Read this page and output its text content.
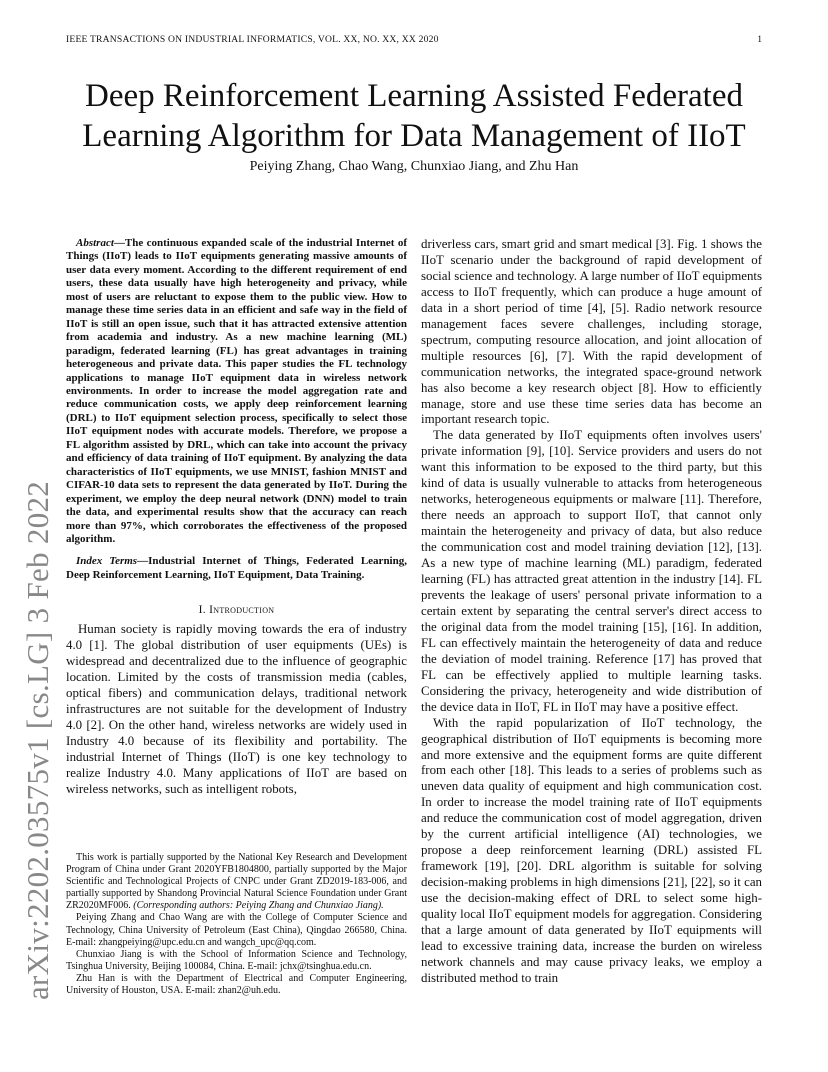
IEEE TRANSACTIONS ON INDUSTRIAL INFORMATICS, VOL. XX, NO. XX, XX 2020	1
Deep Reinforcement Learning Assisted Federated
Learning Algorithm for Data Management of IIoT
Peiying Zhang, Chao Wang, Chunxiao Jiang, and Zhu Han
arXiv:2202.03575v1 [cs.LG] 3 Feb 2022

Abstract—The continuous expanded scale of the industrial Internet of Things (IIoT) leads to IIoT equipments generating massive amounts of user data every moment. According to the different requirement of end users, these data usually have high heterogeneity and privacy, while most of users are reluctant to expose them to the public view. How to manage these time series data in an efficient and safe way in the field of IIoT is still an open issue, such that it has attracted extensive attention from academia and industry. As a new machine learning (ML) paradigm, federated learning (FL) has great advantages in training heterogeneous and private data. This paper studies the FL technology applications to manage IIoT equipment data in wireless network environments. In order to increase the model aggregation rate and reduce communication costs, we apply deep reinforcement learning (DRL) to IIoT equipment selection process, specifically to select those IIoT equipment nodes with accurate models. Therefore, we propose a FL algorithm assisted by DRL, which can take into account the privacy and efficiency of data training of IIoT equipment. By analyzing the data characteristics of IIoT equipments, we use MNIST, fashion MNIST and CIFAR-10 data sets to represent the data generated by IIoT. During the experiment, we employ the deep neural network (DNN) model to train the data, and experimental results show that the accuracy can reach more than 97%, which corroborates the effectiveness of the proposed algorithm.

Index Terms—Industrial Internet of Things, Federated Learning, Deep Reinforcement Learning, IIoT Equipment, Data Training.

I. Introduction

Human society is rapidly moving towards the era of industry 4.0 [1]. The global distribution of user equipments (UEs) is widespread and decentralized due to the influence of geographic location. Limited by the costs of transmission media (cables, optical fibers) and communication delays, traditional network infrastructures are not suitable for the development of Industry 4.0 [2]. On the other hand, wireless networks are widely used in Industry 4.0 because of its flexibility and portability. The industrial Internet of Things (IIoT) is one key technology to realize Industry 4.0. Many applications of IIoT are based on wireless networks, such as intelligent robots,

This work is partially supported by the National Key Research and Development Program of China under Grant 2020YFB1804800, partially supported by the Major Scientific and Technological Projects of CNPC under Grant ZD2019-183-006, and partially supported by Shandong Provincial Natural Science Foundation under Grant ZR2020MF006. (Corresponding authors: Peiying Zhang and Chunxiao Jiang).

Peiying Zhang and Chao Wang are with the College of Computer Science and Technology, China University of Petroleum (East China), Qingdao 266580, China. E-mail: zhangpeiying@upc.edu.cn and wangch_upc@qq.com.

Chunxiao Jiang is with the School of Information Science and Technology, Tsinghua University, Beijing 100084, China. E-mail: jchx@tsinghua.edu.cn.

Zhu Han is with the Department of Electrical and Computer Engineering, University of Houston, USA. E-mail: zhan2@uh.edu.

driverless cars, smart grid and smart medical [3]. Fig. 1 shows the IIoT scenario under the background of rapid development of social science and technology. A large number of IIoT equipments access to IIoT frequently, which can produce a huge amount of data in a short period of time [4], [5]. Radio network resource management faces severe challenges, including storage, spectrum, computing resource allocation, and joint allocation of multiple resources [6], [7]. With the rapid development of communication networks, the integrated space-ground network has also become a key research object [8]. How to efficiently manage, store and use these time series data has become an important research topic.

The data generated by IIoT equipments often involves users' private information [9], [10]. Service providers and users do not want this information to be exposed to the third party, but this kind of data is usually vulnerable to attacks from heterogeneous networks, heterogeneous equipments or malware [11]. Therefore, there needs an approach to support IIoT, that cannot only maintain the heterogeneity and privacy of data, but also reduce the communication cost and model training deviation [12], [13]. As a new type of machine learning (ML) paradigm, federated learning (FL) has attracted great attention in the industry [14]. FL prevents the leakage of users' personal private information to a certain extent by separating the central server's direct access to the original data from the model training [15], [16]. In addition, FL can effectively maintain the heterogeneity of data and reduce the deviation of model training. Reference [17] has proved that FL can be effectively applied to multiple learning tasks. Considering the privacy, heterogeneity and wide distribution of the device data in IIoT, FL in IIoT may have a positive effect.

With the rapid popularization of IIoT technology, the geographical distribution of IIoT equipments is becoming more and more extensive and the equipment forms are quite different from each other [18]. This leads to a series of problems such as uneven data quality of equipment and high communication cost. In order to increase the model training rate of IIoT equipments and reduce the communication cost of model aggregation, driven by the current artificial intelligence (AI) technologies, we propose a deep reinforcement learning (DRL) assisted FL framework [19], [20]. DRL algorithm is suitable for solving decision-making problems in high dimensions [21], [22], so it can use the decision-making effect of DRL to select some high-quality local IIoT equipment models for aggregation. Considering that a large amount of data generated by IIoT equipments will lead to excessive training data, increase the burden on wireless network channels and may cause privacy leaks, we employ a distributed method to train
